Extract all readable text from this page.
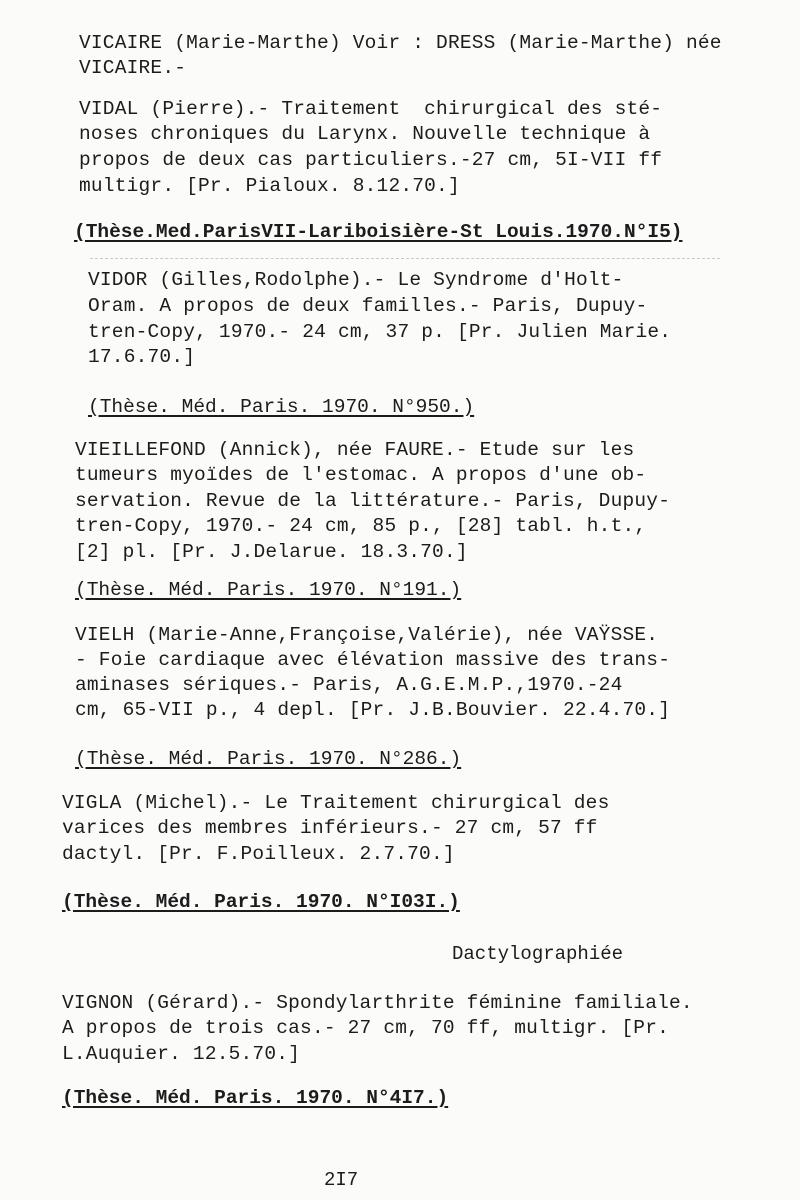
VICAIRE (Marie-Marthe) Voir : DRESS (Marie-Marthe) née
VICAIRE.-
VIDAL (Pierre).- Traitement  chirurgical des sté-
noses chroniques du Larynx. Nouvelle technique à
propos de deux cas particuliers.-27 cm, 5I-VII ff
multigr. [Pr. Pialoux. 8.12.70.]
(Thèse.Med.ParisVII-Lariboisière-St Louis.1970.N°I5)
VIDOR (Gilles,Rodolphe).- Le Syndrome d'Holt-
Oram. A propos de deux familles.- Paris, Dupuy-
tren-Copy, 1970.- 24 cm, 37 p. [Pr. Julien Marie.
17.6.70.]
(Thèse. Méd. Paris. 1970. N°950.)
VIEILLEFOND (Annick), née FAURE.- Etude sur les
tumeurs myoïdes de l'estomac. A propos d'une ob-
servation. Revue de la littérature.- Paris, Dupuy-
tren-Copy, 1970.- 24 cm, 85 p., [28] tabl. h.t.,
[2] pl. [Pr. J.Delarue. 18.3.70.]
(Thèse. Méd. Paris. 1970. N°191.)
VIELH (Marie-Anne,Françoise,Valérie), née VAŸSSE.
- Foie cardiaque avec élévation massive des trans-
aminases sériques.- Paris, A.G.E.M.P.,1970.-24
cm, 65-VII p., 4 depl. [Pr. J.B.Bouvier. 22.4.70.]
(Thèse. Méd. Paris. 1970. N°286.)
VIGLA (Michel).- Le Traitement chirurgical des
varices des membres inférieurs.- 27 cm, 57 ff
dactyl. [Pr. F.Poilleux. 2.7.70.]
(Thèse. Méd. Paris. 1970. N°I03I.)
Dactylographiée
VIGNON (Gérard).- Spondylarthrite féminine familiale.
A propos de trois cas.- 27 cm, 70 ff, multigr. [Pr.
L.Auquier. 12.5.70.]
(Thèse. Méd. Paris. 1970. N°4I7.)
2I7
